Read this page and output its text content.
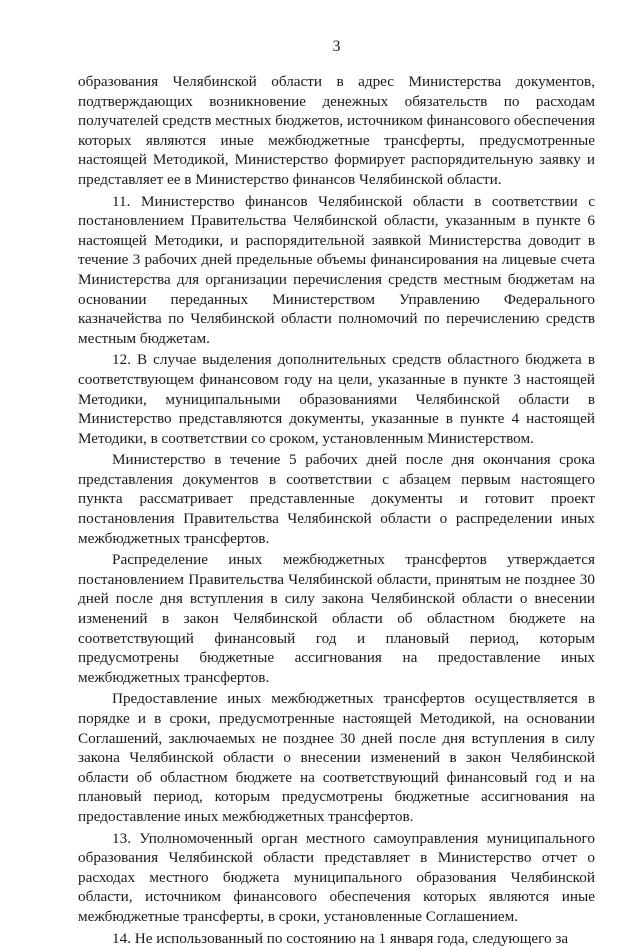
3

образования Челябинской области в адрес Министерства документов, подтверждающих возникновение денежных обязательств по расходам получателей средств местных бюджетов, источником финансового обеспечения которых являются иные межбюджетные трансферты, предусмотренные настоящей Методикой, Министерство формирует распорядительную заявку и представляет ее в Министерство финансов Челябинской области.

11. Министерство финансов Челябинской области в соответствии с постановлением Правительства Челябинской области, указанным в пункте 6 настоящей Методики, и распорядительной заявкой Министерства доводит в течение 3 рабочих дней предельные объемы финансирования на лицевые счета Министерства для организации перечисления средств местным бюджетам на основании переданных Министерством Управлению Федерального казначейства по Челябинской области полномочий по перечислению средств местным бюджетам.

12. В случае выделения дополнительных средств областного бюджета в соответствующем финансовом году на цели, указанные в пункте 3 настоящей Методики, муниципальными образованиями Челябинской области в Министерство представляются документы, указанные в пункте 4 настоящей Методики, в соответствии со сроком, установленным Министерством.

Министерство в течение 5 рабочих дней после дня окончания срока представления документов в соответствии с абзацем первым настоящего пункта рассматривает представленные документы и готовит проект постановления Правительства Челябинской области о распределении иных межбюджетных трансфертов.

Распределение иных межбюджетных трансфертов утверждается постановлением Правительства Челябинской области, принятым не позднее 30 дней после дня вступления в силу закона Челябинской области о внесении изменений в закон Челябинской области об областном бюджете на соответствующий финансовый год и плановый период, которым предусмотрены бюджетные ассигнования на предоставление иных межбюджетных трансфертов.

Предоставление иных межбюджетных трансфертов осуществляется в порядке и в сроки, предусмотренные настоящей Методикой, на основании Соглашений, заключаемых не позднее 30 дней после дня вступления в силу закона Челябинской области о внесении изменений в закон Челябинской области об областном бюджете на соответствующий финансовый год и на плановый период, которым предусмотрены бюджетные ассигнования на предоставление иных межбюджетных трансфертов.

13. Уполномоченный орган местного самоуправления муниципального образования Челябинской области представляет в Министерство отчет о расходах местного бюджета муниципального образования Челябинской области, источником финансового обеспечения которых являются иные межбюджетные трансферты, в сроки, установленные Соглашением.

14. Не использованный по состоянию на 1 января года, следующего за
